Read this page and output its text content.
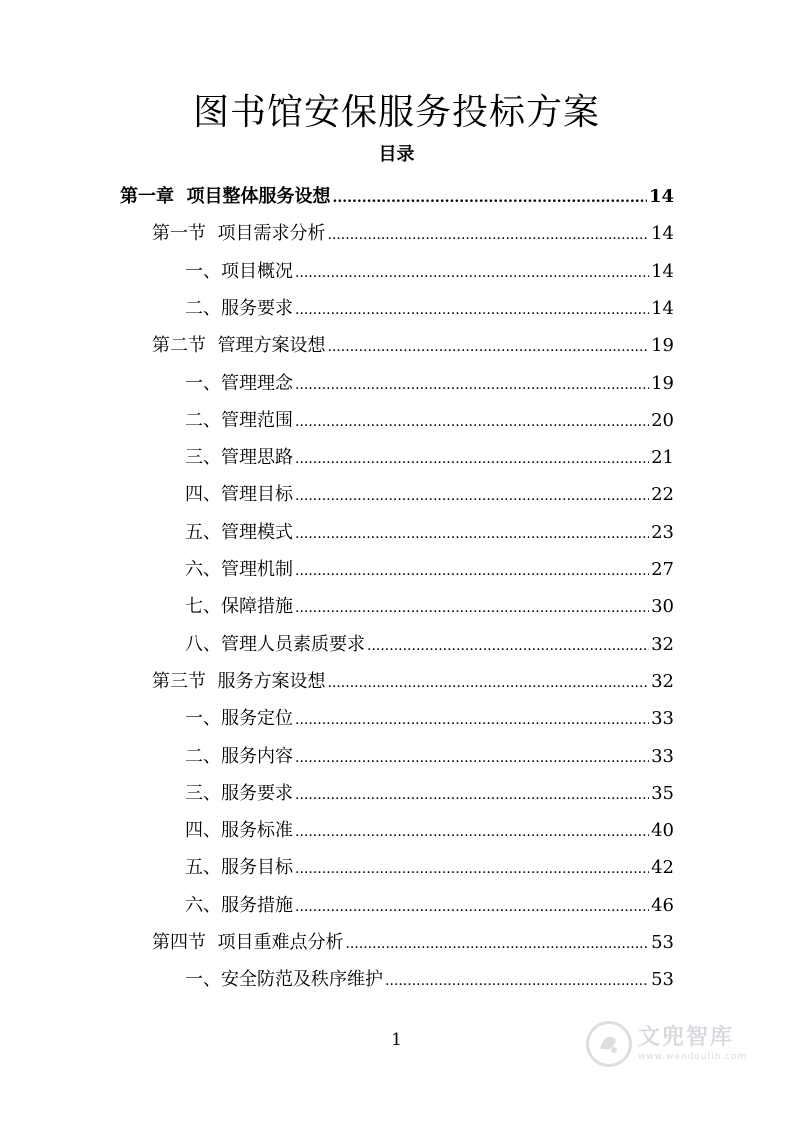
图书馆安保服务投标方案
目录
第一章  项目整体服务设想 .....	14
第一节  项目需求分析 .....	14
一、项目概况 .....	14
二、服务要求 .....	14
第二节  管理方案设想 .....	19
一、管理理念 .....	19
二、管理范围 .....	20
三、管理思路 .....	21
四、管理目标 .....	22
五、管理模式 .....	23
六、管理机制 .....	27
七、保障措施 .....	30
八、管理人员素质要求 .....	32
第三节  服务方案设想 .....	32
一、服务定位 .....	33
二、服务内容 .....	33
三、服务要求 .....	35
四、服务标准 .....	40
五、服务目标 .....	42
六、服务措施 .....	46
第四节  项目重难点分析 .....	53
一、安全防范及秩序维护 .....	53
1	文兜智库
www.wendoulib.com
